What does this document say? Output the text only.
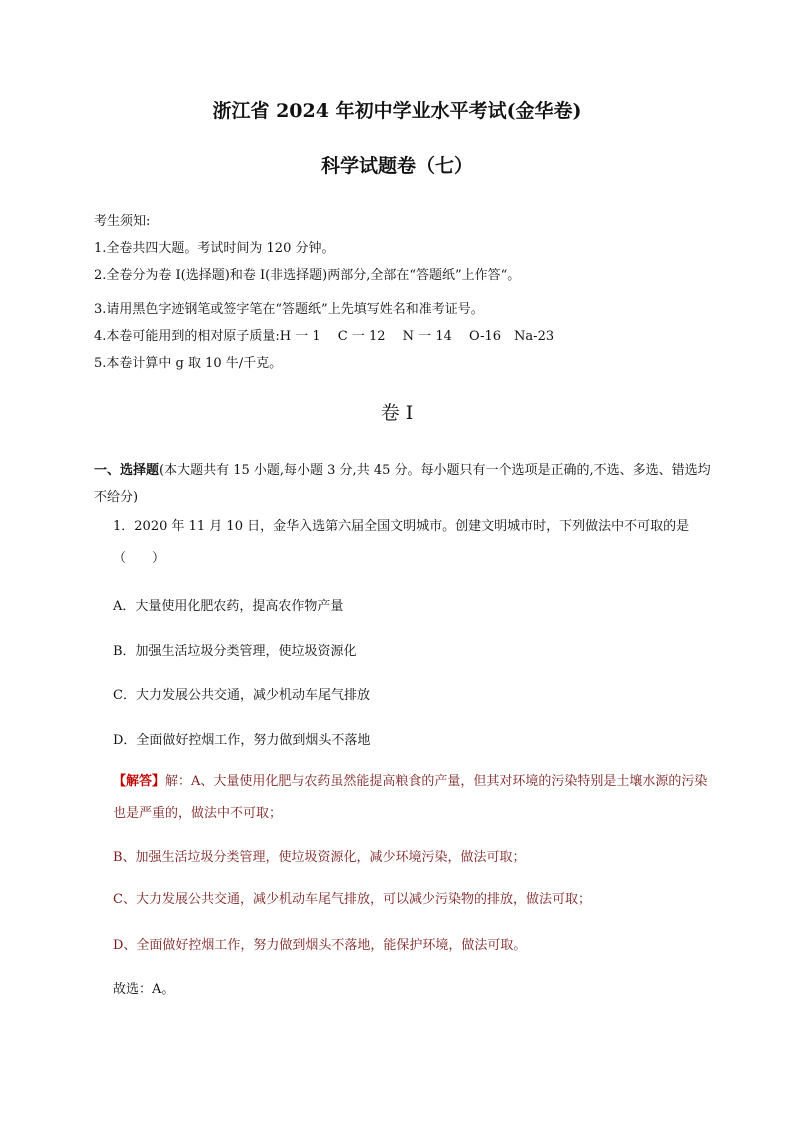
浙江省 2024 年初中学业水平考试(金华卷)
科学试题卷（七）
考生须知:
1.全卷共四大题。考试时间为 120 分钟。
2.全卷分为卷 I(选择题)和卷 I(非选择题)两部分,全部在“答题纸”上作答“。
3.请用黑色字迹钢笔或签字笔在“答题纸”上先填写姓名和准考证号。
4.本卷可能用到的相对原子质量:H 一 1　 C 一 12　 N 一 14　 O-16　Na-23
5.本卷计算中 g 取 10 牛/千克。
卷 I
一、选择题(本大题共有 15 小题,每小题 3 分,共 45 分。每小题只有一个选项是正确的,不选、多选、错选均不给分)
1．2020 年 11 月 10 日，金华入选第六届全国文明城市。创建文明城市时，下列做法中不可取的是（　　）
A．大量使用化肥农药，提高农作物产量
B．加强生活垃圾分类管理，使垃圾资源化
C．大力发展公共交通，减少机动车尾气排放
D．全面做好控烟工作，努力做到烟头不落地
【解答】解：A、大量使用化肥与农药虽然能提高粮食的产量，但其对环境的污染特别是土壤水源的污染也是严重的，做法中不可取；
B、加强生活垃圾分类管理，使垃圾资源化，减少环境污染，做法可取；
C、大力发展公共交通，减少机动车尾气排放，可以减少污染物的排放，做法可取；
D、全面做好控烟工作，努力做到烟头不落地，能保护环境，做法可取。
故选：A。
